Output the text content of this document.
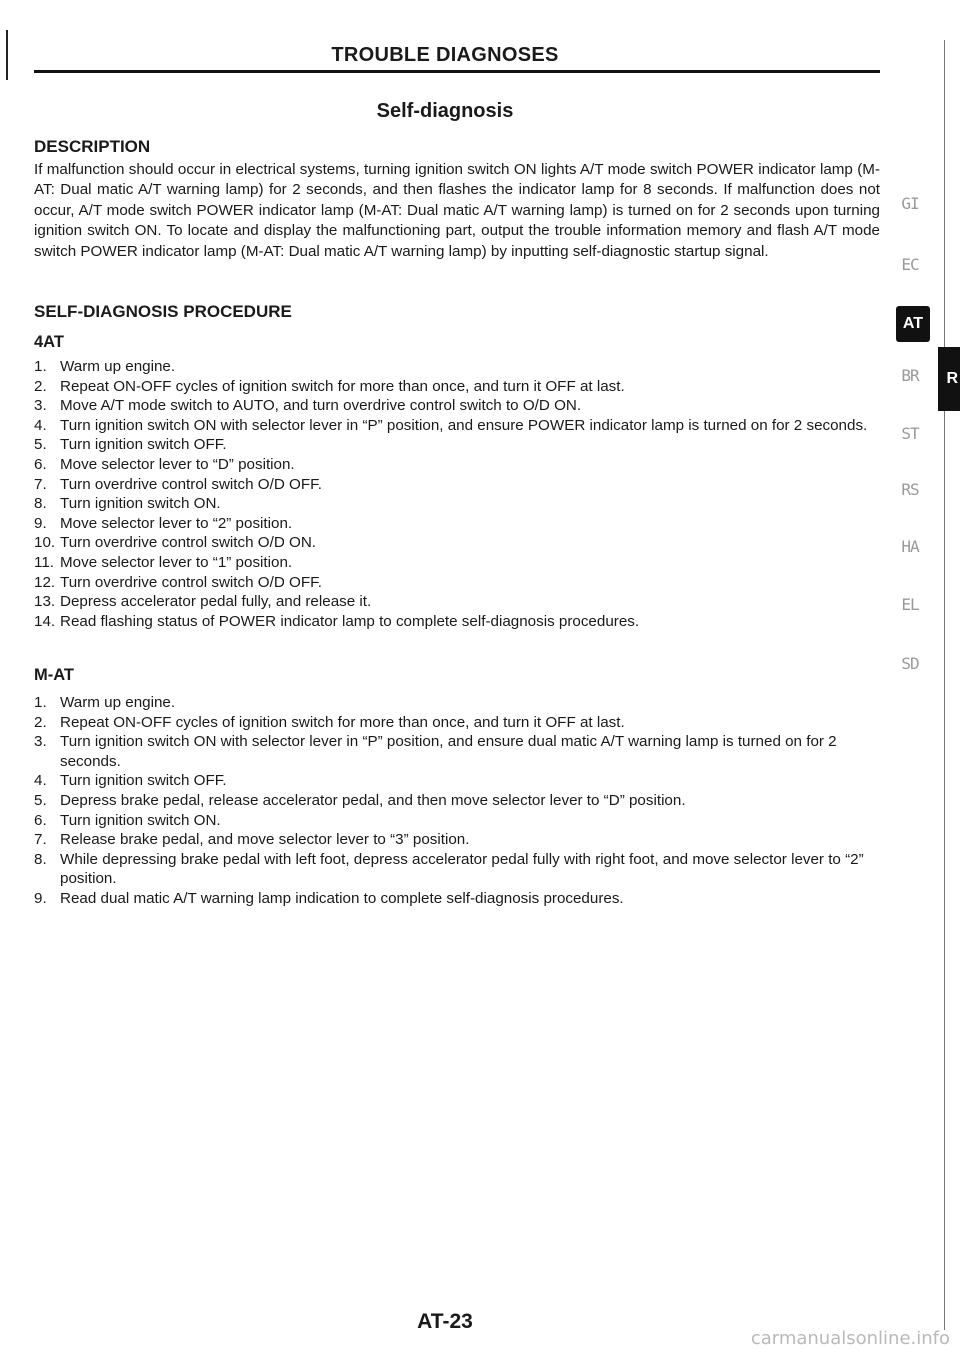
TROUBLE DIAGNOSES
Self-diagnosis
DESCRIPTION
If malfunction should occur in electrical systems, turning ignition switch ON lights A/T mode switch POWER indicator lamp (M-AT: Dual matic A/T warning lamp) for 2 seconds, and then flashes the indicator lamp for 8 seconds. If malfunction does not occur, A/T mode switch POWER indicator lamp (M-AT: Dual matic A/T warning lamp) is turned on for 2 seconds upon turning ignition switch ON. To locate and display the malfunctioning part, output the trouble information memory and flash A/T mode switch POWER indicator lamp (M-AT: Dual matic A/T warning lamp) by inputting self-diagnostic startup signal.
SELF-DIAGNOSIS PROCEDURE
4AT
1. Warm up engine.
2. Repeat ON-OFF cycles of ignition switch for more than once, and turn it OFF at last.
3. Move A/T mode switch to AUTO, and turn overdrive control switch to O/D ON.
4. Turn ignition switch ON with selector lever in “P” position, and ensure POWER indicator lamp is turned on for 2 seconds.
5. Turn ignition switch OFF.
6. Move selector lever to “D” position.
7. Turn overdrive control switch O/D OFF.
8. Turn ignition switch ON.
9. Move selector lever to “2” position.
10. Turn overdrive control switch O/D ON.
11. Move selector lever to “1” position.
12. Turn overdrive control switch O/D OFF.
13. Depress accelerator pedal fully, and release it.
14. Read flashing status of POWER indicator lamp to complete self-diagnosis procedures.
M-AT
1. Warm up engine.
2. Repeat ON-OFF cycles of ignition switch for more than once, and turn it OFF at last.
3. Turn ignition switch ON with selector lever in “P” position, and ensure dual matic A/T warning lamp is turned on for 2 seconds.
4. Turn ignition switch OFF.
5. Depress brake pedal, release accelerator pedal, and then move selector lever to “D” position.
6. Turn ignition switch ON.
7. Release brake pedal, and move selector lever to “3” position.
8. While depressing brake pedal with left foot, depress accelerator pedal fully with right foot, and move selector lever to “2” position.
9. Read dual matic A/T warning lamp indication to complete self-diagnosis procedures.
GI
EC
AT
BR
ST
RS
HA
EL
SD
R
AT-23
carmanualsonline.info
